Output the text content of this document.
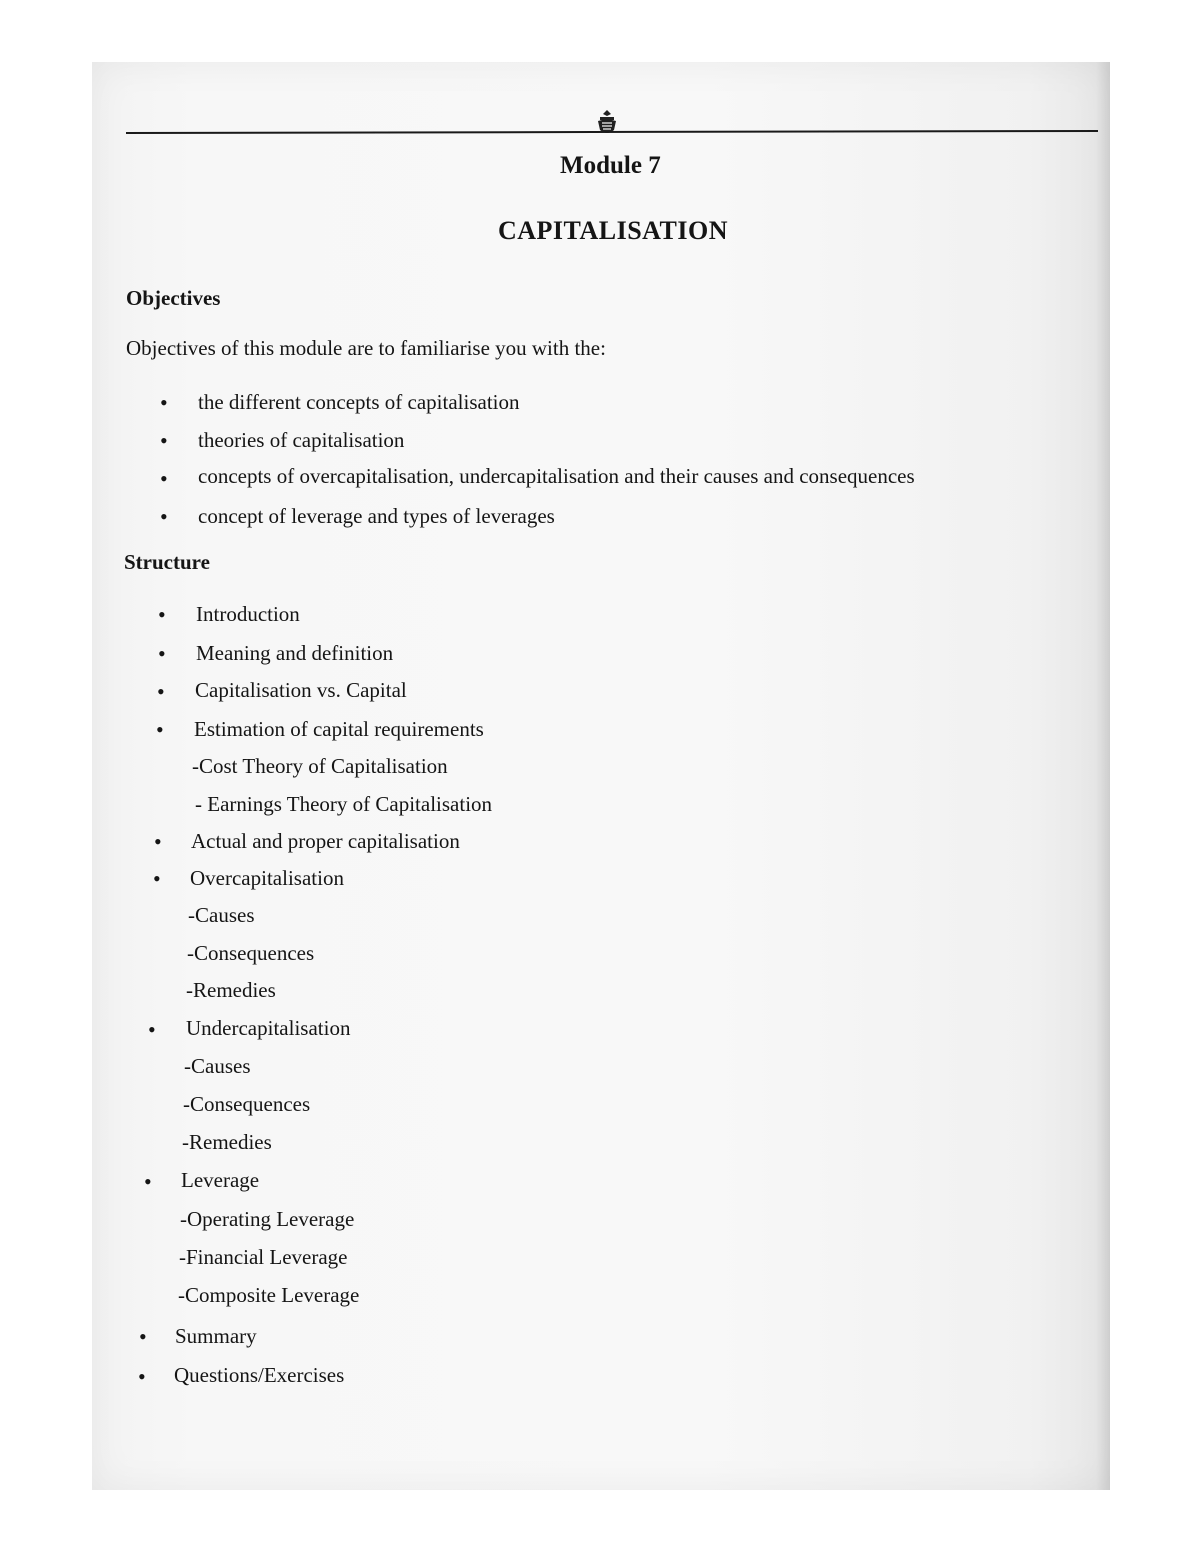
Module 7
CAPITALISATION
Objectives

Objectives of this module are to familiarise you with the:

• the different concepts of capitalisation

• theories of capitalisation

• concepts of overcapitalisation, undercapitalisation and their causes and consequences

• concept of leverage and types of leverages

Structure
• Introduction

• Meaning and definition

• Capitalisation vs. Capital

• Estimation of capital requirements

-Cost Theory of Capitalisation

- Earnings Theory of Capitalisation

• Actual and proper capitalisation

• Overcapitalisation

-Causes

-Consequences

-Remedies

• Undercapitalisation

-Causes

-Consequences

-Remedies

• Leverage

-Operating Leverage

-Financial Leverage

-Composite Leverage

• Summary

• Questions/Exercises
